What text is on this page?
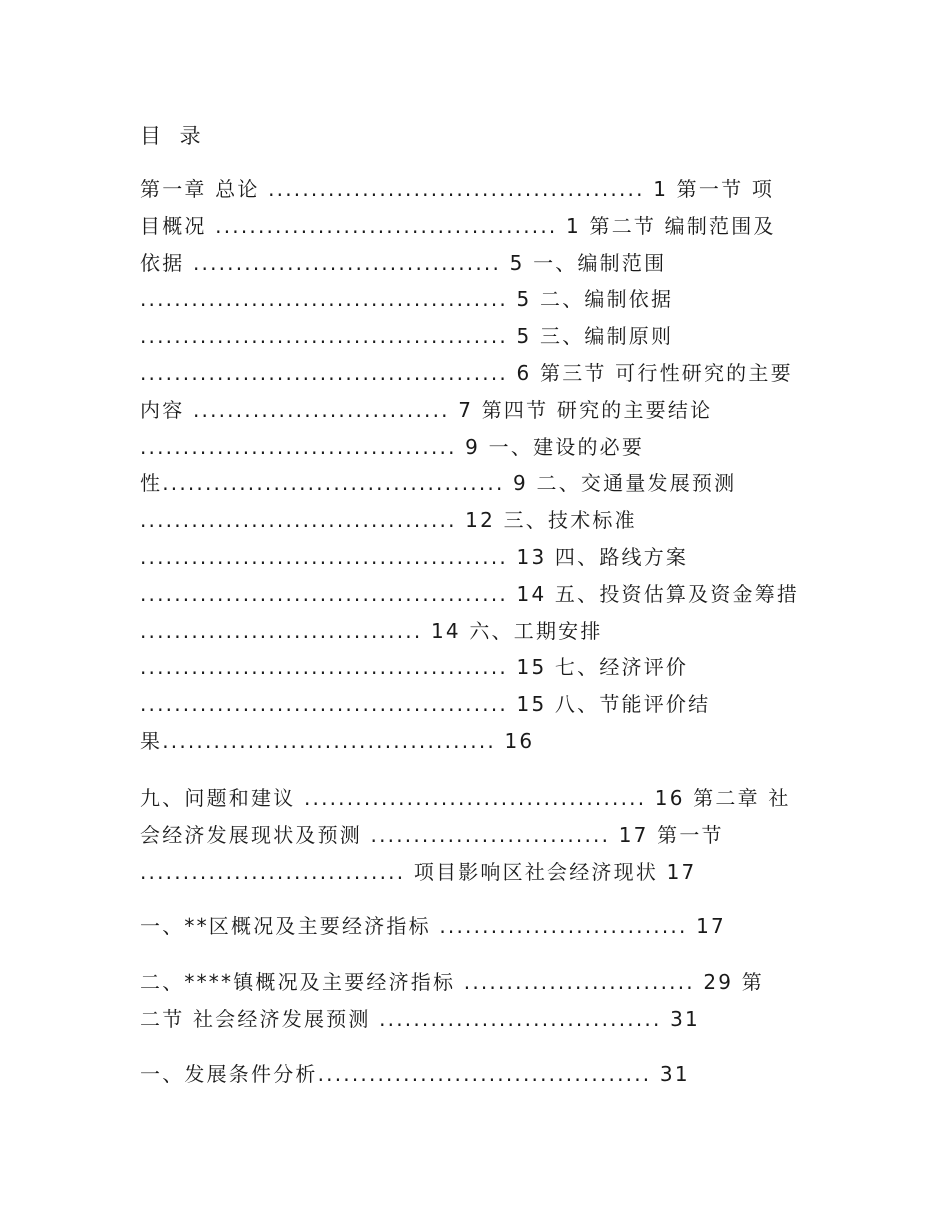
目 录
第一章 总论 ............................................ 1 第一节 项
目概况 ........................................ 1 第二节 编制范围及
依据 .................................... 5 一、编制范围
........................................... 5 二、编制依据
........................................... 5 三、编制原则
........................................... 6 第三节 可行性研究的主要
内容 .............................. 7 第四节 研究的主要结论
..................................... 9 一、建设的必要
性........................................ 9 二、交通量发展预测
..................................... 12 三、技术标准
........................................... 13 四、路线方案
........................................... 14 五、投资估算及资金筹措
................................. 14 六、工期安排
........................................... 15 七、经济评价
........................................... 15 八、节能评价结
果....................................... 16
九、问题和建议 ........................................ 16 第二章 社
会经济发展现状及预测 ............................ 17 第一节
............................... 项目影响区社会经济现状 17
一、**区概况及主要经济指标 ............................. 17
二、****镇概况及主要经济指标 ........................... 29 第
二节 社会经济发展预测 ................................. 31
一、发展条件分析....................................... 31
